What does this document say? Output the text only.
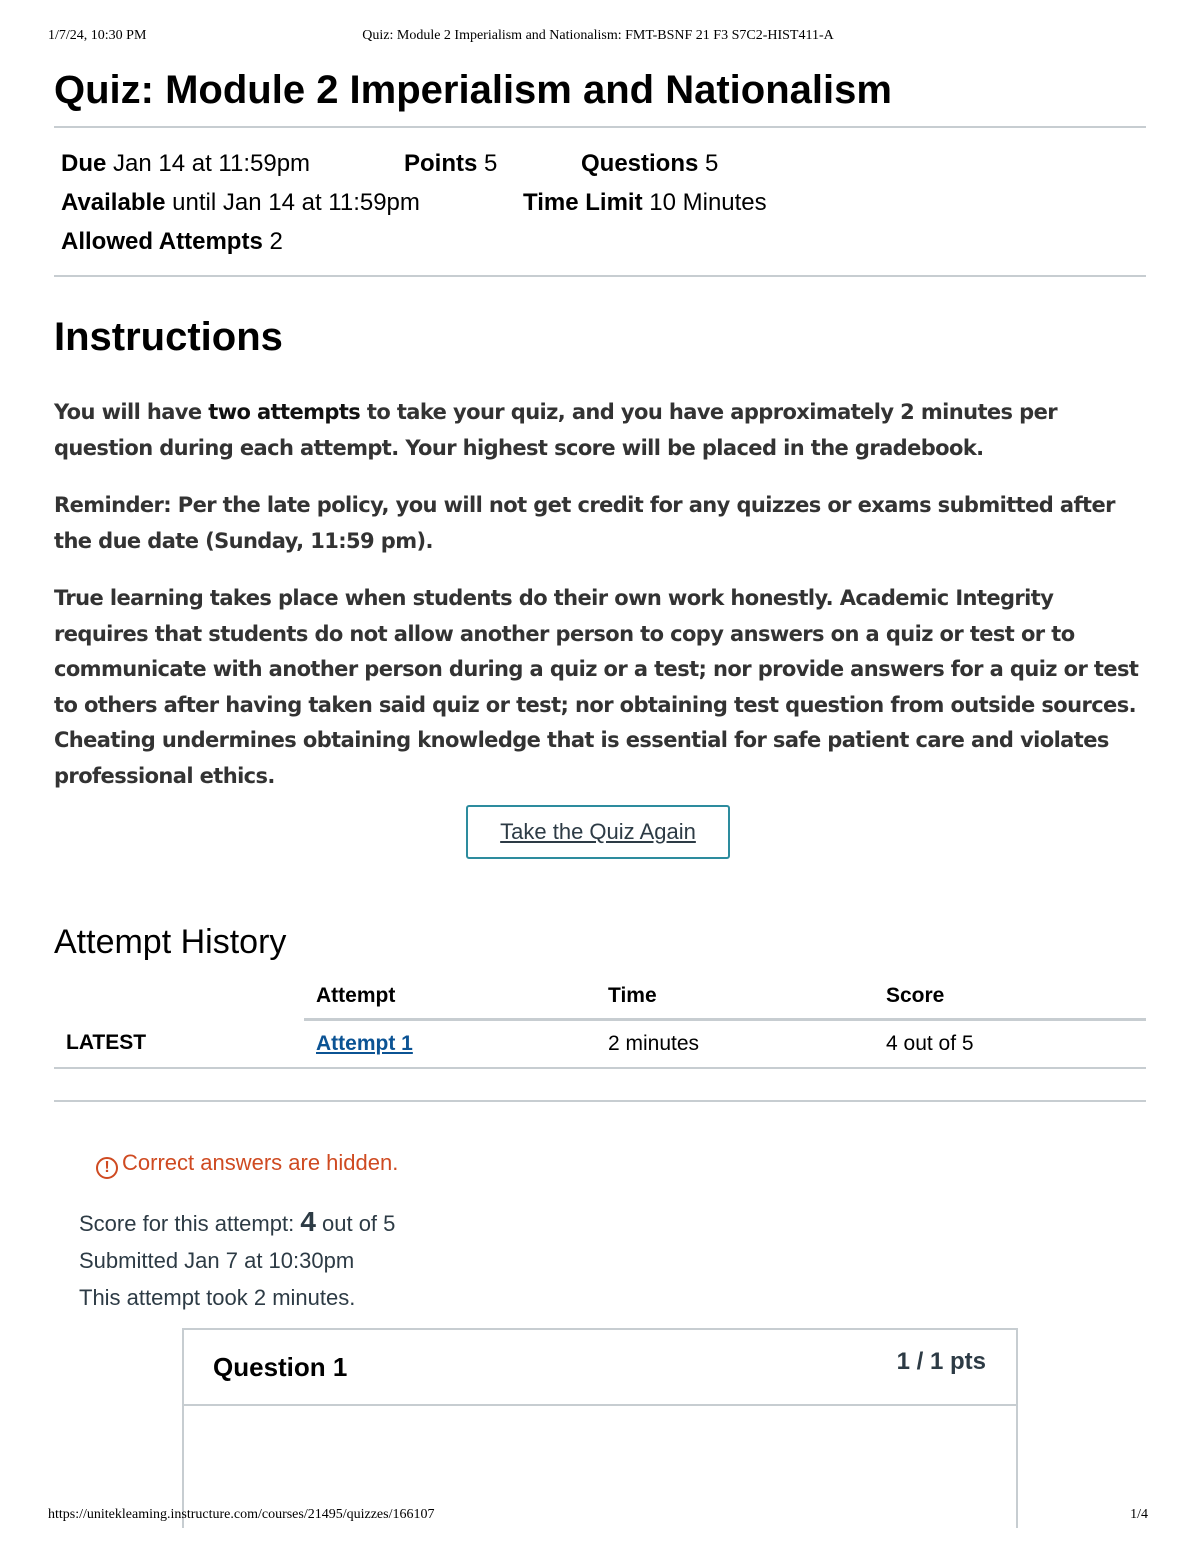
1/7/24, 10:30 PM	Quiz: Module 2 Imperialism and Nationalism: FMT-BSNF 21 F3 S7C2-HIST411-A
Quiz: Module 2 Imperialism and Nationalism
Due Jan 14 at 11:59pm	Points 5	Questions 5
Available until Jan 14 at 11:59pm	Time Limit 10 Minutes
Allowed Attempts 2
Instructions

You will have two attempts to take your quiz, and you have approximately 2 minutes per question during each attempt. Your highest score will be placed in the gradebook.

Reminder: Per the late policy, you will not get credit for any quizzes or exams submitted after the due date (Sunday, 11:59 pm).

True learning takes place when students do their own work honestly. Academic Integrity requires that students do not allow another person to copy answers on a quiz or test or to communicate with another person during a quiz or a test; nor provide answers for a quiz or test to others after having taken said quiz or test; nor obtaining test question from outside sources. Cheating undermines obtaining knowledge that is essential for safe patient care and violates professional ethics.

Take the Quiz Again
Attempt History
	Attempt	Time	Score
LATEST	Attempt 1	2 minutes	4 out of 5
! Correct answers are hidden.
Score for this attempt: 4 out of 5
Submitted Jan 7 at 10:30pm
This attempt took 2 minutes.
Question 1	1 / 1 pts
https://unitekleaming.instructure.com/courses/21495/quizzes/166107	1/4
